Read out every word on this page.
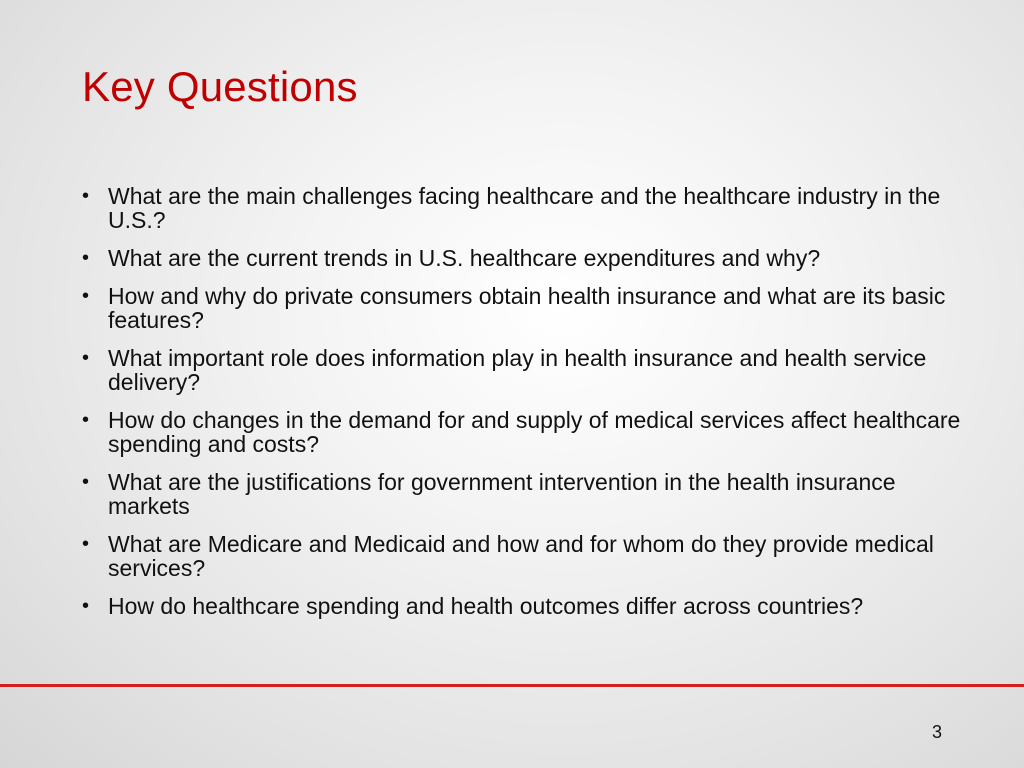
Key Questions
• What are the main challenges facing healthcare and the healthcare industry in the U.S.?
• What are the current trends in U.S. healthcare expenditures and why?
• How and why do private consumers obtain health insurance and what are its basic features?
• What important role does information play in health insurance and health service delivery?
• How do changes in the demand for and supply of medical services affect healthcare spending and costs?
• What are the justifications for government intervention in the health insurance markets
• What are Medicare and Medicaid and how and for whom do they provide medical services?
• How do healthcare spending and health outcomes differ across countries?
3
